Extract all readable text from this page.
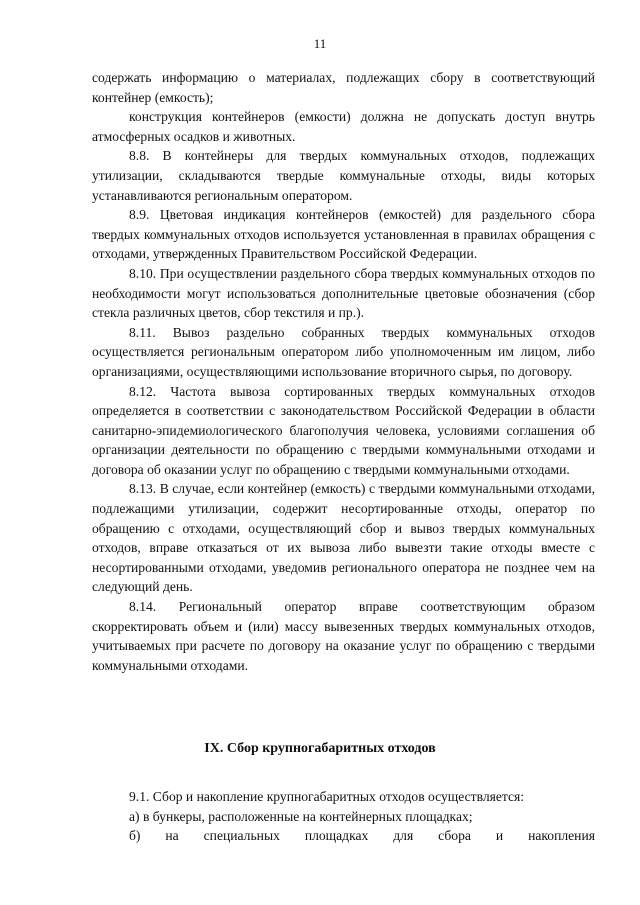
11

содержать информацию о материалах, подлежащих сбору в соответствующий контейнер (емкость);

конструкция контейнеров (емкости) должна не допускать доступ внутрь атмосферных осадков и животных.

8.8. В контейнеры для твердых коммунальных отходов, подлежащих утилизации, складываются твердые коммунальные отходы, виды которых устанавливаются региональным оператором.

8.9. Цветовая индикация контейнеров (емкостей) для раздельного сбора твердых коммунальных отходов используется установленная в правилах обращения с отходами, утвержденных Правительством Российской Федерации.

8.10. При осуществлении раздельного сбора твердых коммунальных отходов по необходимости могут использоваться дополнительные цветовые обозначения (сбор стекла различных цветов, сбор текстиля и пр.).

8.11. Вывоз раздельно собранных твердых коммунальных отходов осуществляется региональным оператором либо уполномоченным им лицом, либо организациями, осуществляющими использование вторичного сырья, по договору.

8.12. Частота вывоза сортированных твердых коммунальных отходов определяется в соответствии с законодательством Российской Федерации в области санитарно-эпидемиологического благополучия человека, условиями соглашения об организации деятельности по обращению с твердыми коммунальными отходами и договора об оказании услуг по обращению с твердыми коммунальными отходами.

8.13. В случае, если контейнер (емкость) с твердыми коммунальными отходами, подлежащими утилизации, содержит несортированные отходы, оператор по обращению с отходами, осуществляющий сбор и вывоз твердых коммунальных отходов, вправе отказаться от их вывоза либо вывезти такие отходы вместе с несортированными отходами, уведомив регионального оператора не позднее чем на следующий день.

8.14. Региональный оператор вправе соответствующим образом скорректировать объем и (или) массу вывезенных твердых коммунальных отходов, учитываемых при расчете по договору на оказание услуг по обращению с твердыми коммунальными отходами.

IX. Сбор крупногабаритных отходов

9.1. Сбор и накопление крупногабаритных отходов осуществляется:

а) в бункеры, расположенные на контейнерных площадках;

б) на специальных площадках для сбора и накопления
